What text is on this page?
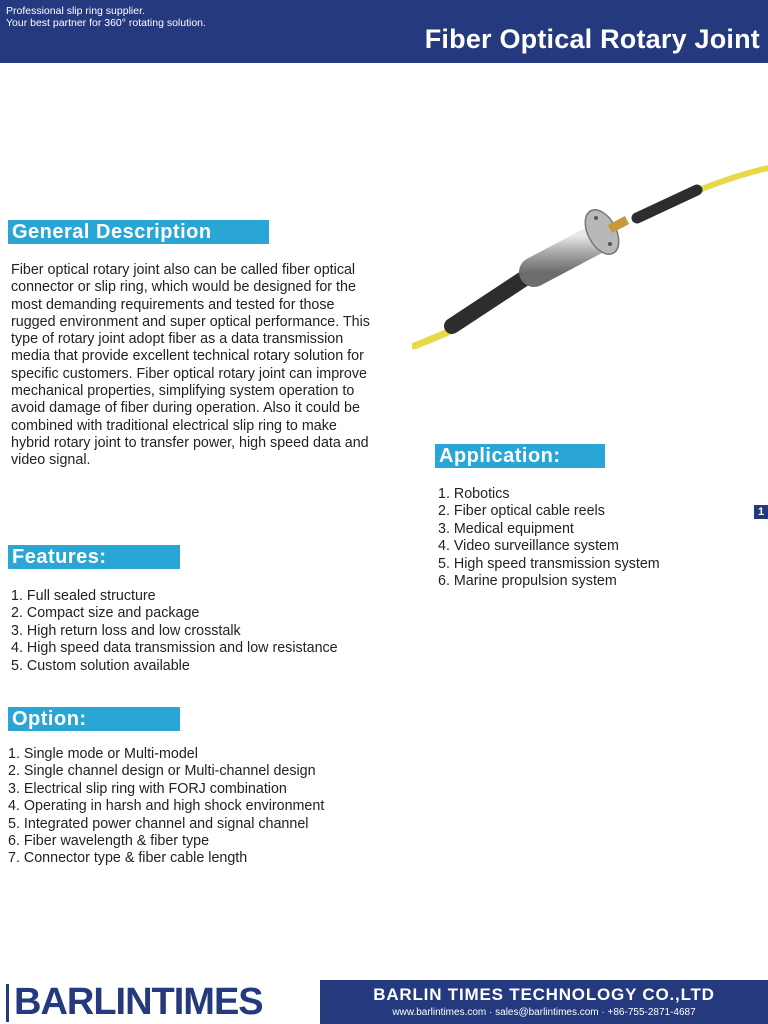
Professional slip ring supplier.
Your best partner for 360° rotating solution.
Fiber Optical Rotary Joint
General Description
Fiber optical rotary joint also can be called fiber optical connector or slip ring, which would be designed for the most demanding requirements and tested for those rugged environment and super optical performance. This type of rotary joint adopt fiber as a data transmission media that provide excellent technical rotary solution for specific customers. Fiber optical rotary joint can improve mechanical properties, simplifying system operation to avoid damage of fiber during operation. Also it could be combined with traditional electrical slip ring to make hybrid rotary joint to transfer power, high speed data and video signal.
Features:
1. Full sealed structure
2. Compact size and package
3. High return loss and low crosstalk
4. High speed data transmission and low resistance
5. Custom solution available
Option:
1. Single mode or Multi-model
2. Single channel design or Multi-channel design
3. Electrical slip ring with FORJ combination
4. Operating in harsh and high shock environment
5. Integrated power channel and signal channel
6. Fiber wavelength & fiber type
7. Connector type & fiber cable length
Application:
1. Robotics
2. Fiber optical cable reels
3. Medical equipment
4. Video surveillance system
5. High speed transmission system
6. Marine propulsion system
1
BARLINTIMES	BARLIN TIMES TECHNOLOGY CO.,LTD
www.barlintimes.com · sales@barlintimes.com · +86-755-2871-4687
